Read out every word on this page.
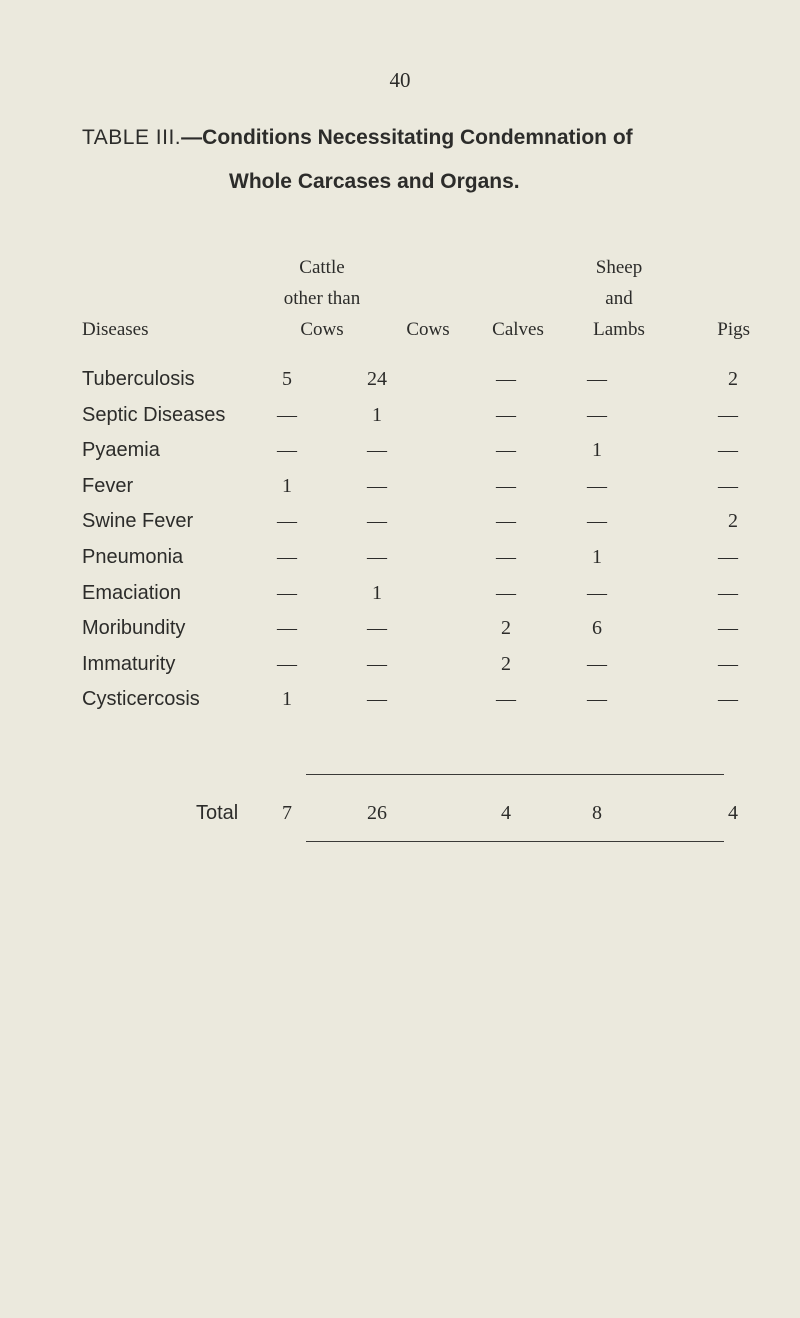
40
TABLE III.—Conditions Necessitating Condemnation of
Whole Carcases and Organs.
Diseases
Cattle
other than
Cows	Cows	Calves
Sheep
and
Lambs	Pigs
Tuberculosis	5	24	—	—	2
Septic Diseases	—	1	—	—	—
Pyaemia	—	—	—	1	—
Fever	1	—	—	—	—
Swine Fever	—	—	—	—	2
Pneumonia	—	—	—	1	—
Emaciation	—	1	—	—	—
Moribundity	—	—	2	6	—
Immaturity	—	—	2	—	—
Cysticercosis	1	—	—	—	—
Total	7	26	4	8	4
